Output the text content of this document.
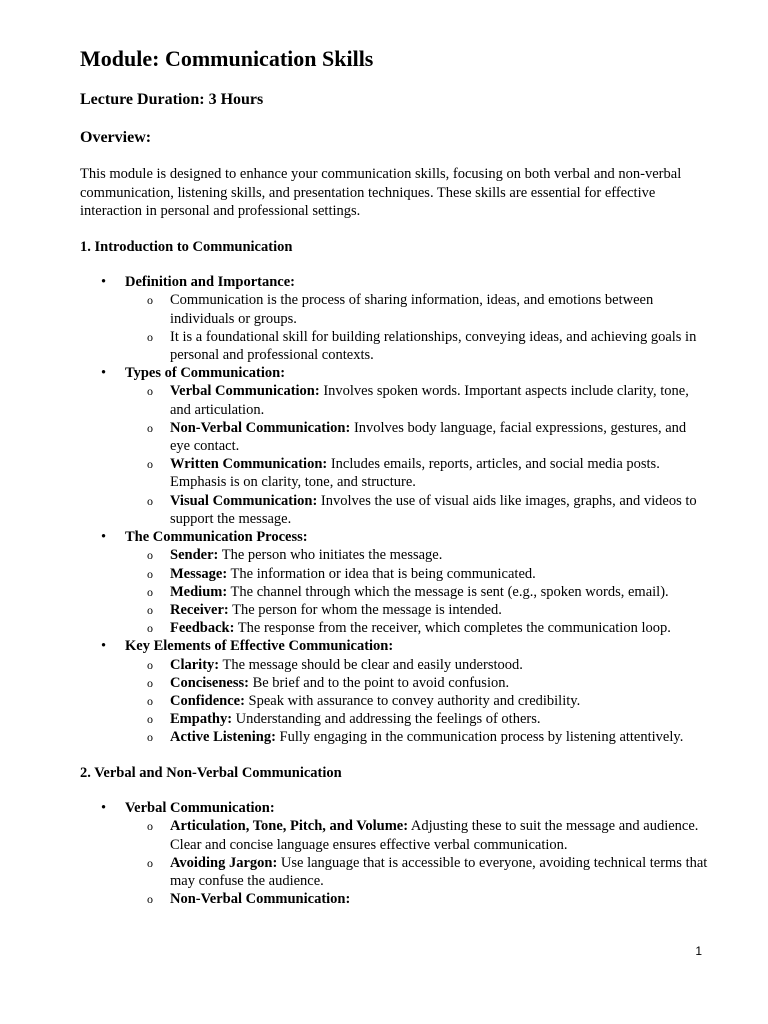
Module: Communication Skills
Lecture Duration: 3 Hours
Overview:

This module is designed to enhance your communication skills, focusing on both verbal and non-verbal communication, listening skills, and presentation techniques. These skills are essential for effective interaction in personal and professional settings.

1. Introduction to Communication

• Definition and Importance:
o Communication is the process of sharing information, ideas, and emotions between individuals or groups.
o It is a foundational skill for building relationships, conveying ideas, and achieving goals in personal and professional contexts.
• Types of Communication:
o Verbal Communication: Involves spoken words. Important aspects include clarity, tone, and articulation.
o Non-Verbal Communication: Involves body language, facial expressions, gestures, and eye contact.
o Written Communication: Includes emails, reports, articles, and social media posts. Emphasis is on clarity, tone, and structure.
o Visual Communication: Involves the use of visual aids like images, graphs, and videos to support the message.
• The Communication Process:
o Sender: The person who initiates the message.
o Message: The information or idea that is being communicated.
o Medium: The channel through which the message is sent (e.g., spoken words, email).
o Receiver: The person for whom the message is intended.
o Feedback: The response from the receiver, which completes the communication loop.
• Key Elements of Effective Communication:
o Clarity: The message should be clear and easily understood.
o Conciseness: Be brief and to the point to avoid confusion.
o Confidence: Speak with assurance to convey authority and credibility.
o Empathy: Understanding and addressing the feelings of others.
o Active Listening: Fully engaging in the communication process by listening attentively.

2. Verbal and Non-Verbal Communication

• Verbal Communication:
o Articulation, Tone, Pitch, and Volume: Adjusting these to suit the message and audience. Clear and concise language ensures effective verbal communication.
o Avoiding Jargon: Use language that is accessible to everyone, avoiding technical terms that may confuse the audience.
o Non-Verbal Communication:
1
